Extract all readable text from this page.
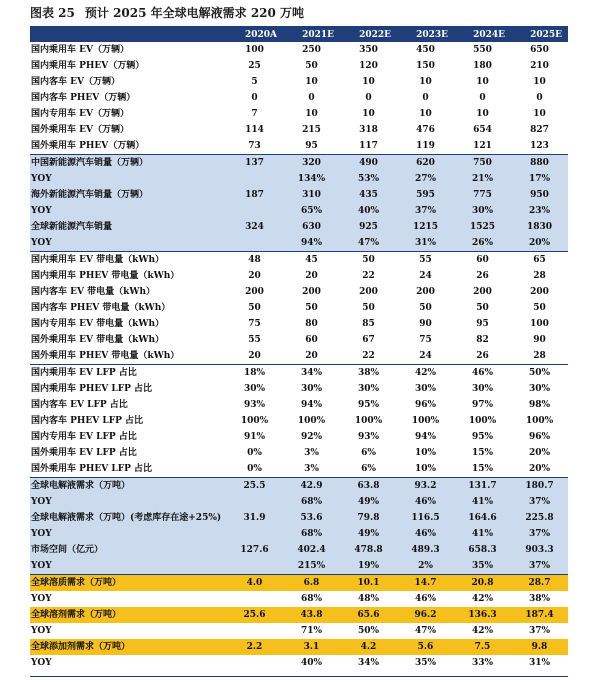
图表 25 预计 2025 年全球电解液需求 220 万吨
	2020A	2021E	2022E	2023E	2024E	2025E
国内乘用车 EV（万辆）	100	250	350	450	550	650
国内乘用车 PHEV（万辆）	25	50	120	150	180	210
国内客车 EV（万辆）	5	10	10	10	10	10
国内客车 PHEV（万辆）	0	0	0	0	0	0
国内专用车 EV（万辆）	7	10	10	10	10	10
国外乘用车 EV（万辆）	114	215	318	476	654	827
国外乘用车 PHEV（万辆）	73	95	117	119	121	123
中国新能源汽车销量（万辆）	137	320	490	620	750	880
YOY		134%	53%	27%	21%	17%
海外新能源汽车销量（万辆）	187	310	435	595	775	950
YOY		65%	40%	37%	30%	23%
全球新能源汽车销量	324	630	925	1215	1525	1830
YOY		94%	47%	31%	26%	20%
国内乘用车 EV 带电量（kWh）	48	45	50	55	60	65
国内乘用车 PHEV 带电量（kWh）	20	20	22	24	26	28
国内客车 EV 带电量（kWh）	200	200	200	200	200	200
国内客车 PHEV 带电量（kWh）	50	50	50	50	50	50
国内专用车 EV 带电量（kWh）	75	80	85	90	95	100
国外乘用车 EV 带电量（kWh）	55	60	67	75	82	90
国外乘用车 PHEV 带电量（kWh）	20	20	22	24	26	28
国内乘用车 EV LFP 占比	18%	34%	38%	42%	46%	50%
国内乘用车 PHEV LFP 占比	30%	30%	30%	30%	30%	30%
国内客车 EV LFP 占比	93%	94%	95%	96%	97%	98%
国内客车 PHEV LFP 占比	100%	100%	100%	100%	100%	100%
国内专用车 EV LFP 占比	91%	92%	93%	94%	95%	96%
国外乘用车 EV LFP 占比	0%	3%	6%	10%	15%	20%
国外乘用车 PHEV LFP 占比	0%	3%	6%	10%	15%	20%
全球电解液需求（万吨）	25.5	42.9	63.8	93.2	131.7	180.7
YOY		68%	49%	46%	41%	37%
全球电解液需求（万吨）(考虑库存在途+25%)	31.9	53.6	79.8	116.5	164.6	225.8
YOY		68%	49%	46%	41%	37%
市场空间（亿元）	127.6	402.4	478.8	489.3	658.3	903.3
YOY		215%	19%	2%	35%	37%
全球溶质需求（万吨）	4.0	6.8	10.1	14.7	20.8	28.7
YOY		68%	48%	46%	42%	38%
全球溶剂需求（万吨）	25.6	43.8	65.6	96.2	136.3	187.4
YOY		71%	50%	47%	42%	37%
全球添加剂需求（万吨）	2.2	3.1	4.2	5.6	7.5	9.8
YOY		40%	34%	35%	33%	31%
